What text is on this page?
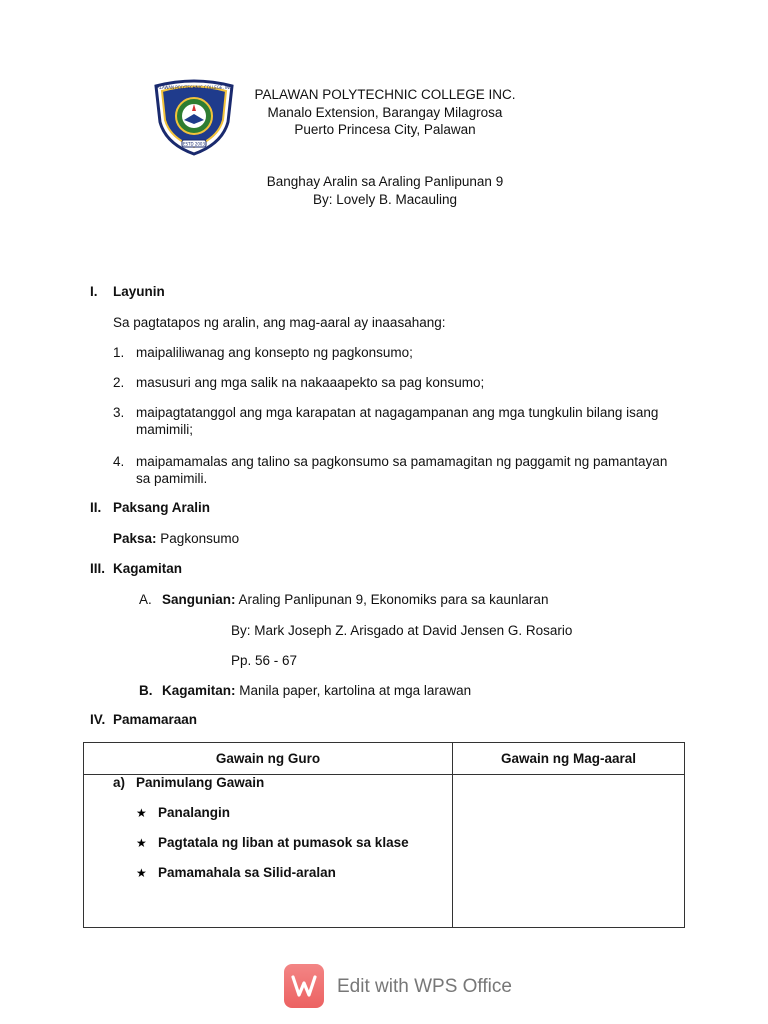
PALAWAN POLYTECHNIC COLLEGE, INC.
ESTD 2003
PALAWAN POLYTECHNIC COLLEGE INC.
Manalo Extension, Barangay Milagrosa
Puerto Princesa City, Palawan
Banghay Aralin sa Araling Panlipunan 9
By: Lovely B. Macauling
I. Layunin
Sa pagtatapos ng aralin, ang mag-aaral ay inaasahang:
1. maipaliliwanag ang konsepto ng pagkonsumo;
2. masusuri ang mga salik na nakaaapekto sa pag konsumo;
3. maipagtatanggol ang mga karapatan at nagagampanan ang mga tungkulin bilang isang mamimili;
4. maipamamalas ang talino sa pagkonsumo sa pamamagitan ng paggamit ng pamantayan sa pamimili.
II. Paksang Aralin
Paksa: Pagkonsumo
III. Kagamitan
A. Sangunian: Araling Panlipunan 9, Ekonomiks para sa kaunlaran
By: Mark Joseph Z. Arisgado at David Jensen G. Rosario
Pp. 56 - 67
B. Kagamitan: Manila paper, kartolina at mga larawan
IV. Pamamaraan
Gawain ng Guro	Gawain ng Mag-aaral

a) Panimulang Gawain
★ Panalangin
★ Pagtatala ng liban at pumasok sa klase
★ Pamamahala sa Silid-aralan	

Edit with WPS Office
